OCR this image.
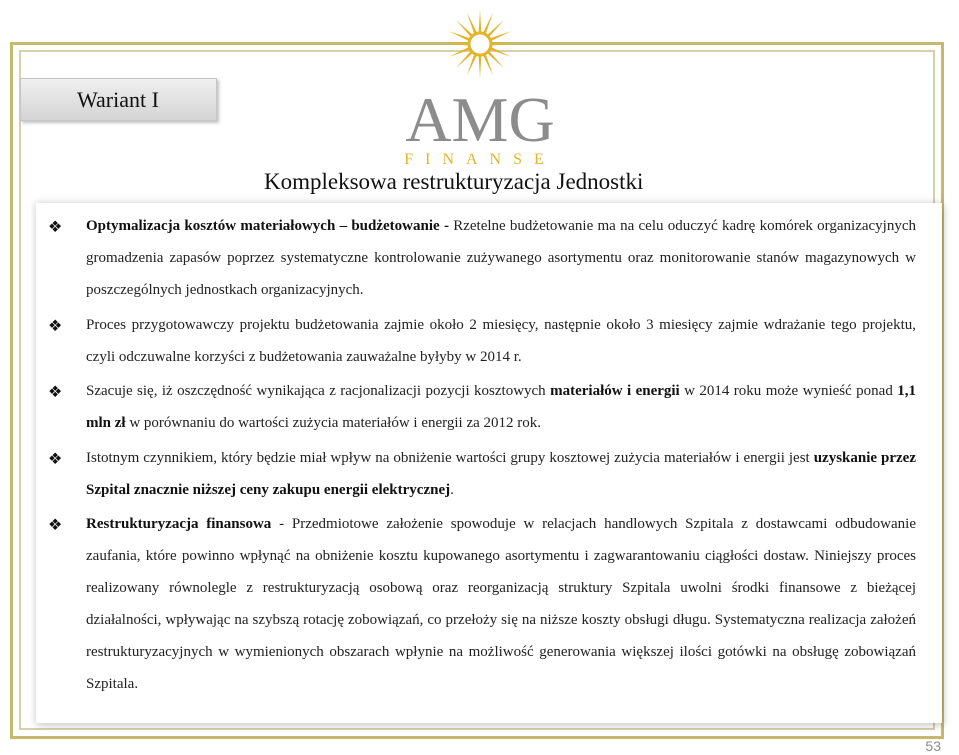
Wariant I	AMG
FINANSE
Kompleksowa restrukturyzacja Jednostki
❖ Optymalizacja kosztów materiałowych – budżetowanie - Rzetelne budżetowanie ma na celu oduczyć kadrę komórek organizacyjnych gromadzenia zapasów poprzez systematyczne kontrolowanie zużywanego asortymentu oraz monitorowanie stanów magazynowych w poszczególnych jednostkach organizacyjnych.

❖ Proces przygotowawczy projektu budżetowania zajmie około 2 miesięcy, następnie około 3 miesięcy zajmie wdrażanie tego projektu, czyli odczuwalne korzyści z budżetowania zauważalne byłyby w 2014 r.

❖ Szacuje się, iż oszczędność wynikająca z racjonalizacji pozycji kosztowych materiałów i energii w 2014 roku może wynieść ponad 1,1 mln zł w porównaniu do wartości zużycia materiałów i energii za 2012 rok.

❖ Istotnym czynnikiem, który będzie miał wpływ na obniżenie wartości grupy kosztowej zużycia materiałów i energii jest uzyskanie przez Szpital znacznie niższej ceny zakupu energii elektrycznej.

❖ Restrukturyzacja finansowa - Przedmiotowe założenie spowoduje w relacjach handlowych Szpitala z dostawcami odbudowanie zaufania, które powinno wpłynąć na obniżenie kosztu kupowanego asortymentu i zagwarantowaniu ciągłości dostaw. Niniejszy proces realizowany równolegle z restrukturyzacją osobową oraz reorganizacją struktury Szpitala uwolni środki finansowe z bieżącej działalności, wpływając na szybszą rotację zobowiązań, co przełoży się na niższe koszty obsługi długu. Systematyczna realizacja założeń restrukturyzacyjnych w wymienionych obszarach wpłynie na możliwość generowania większej ilości gotówki na obsługę zobowiązań Szpitala.

53
